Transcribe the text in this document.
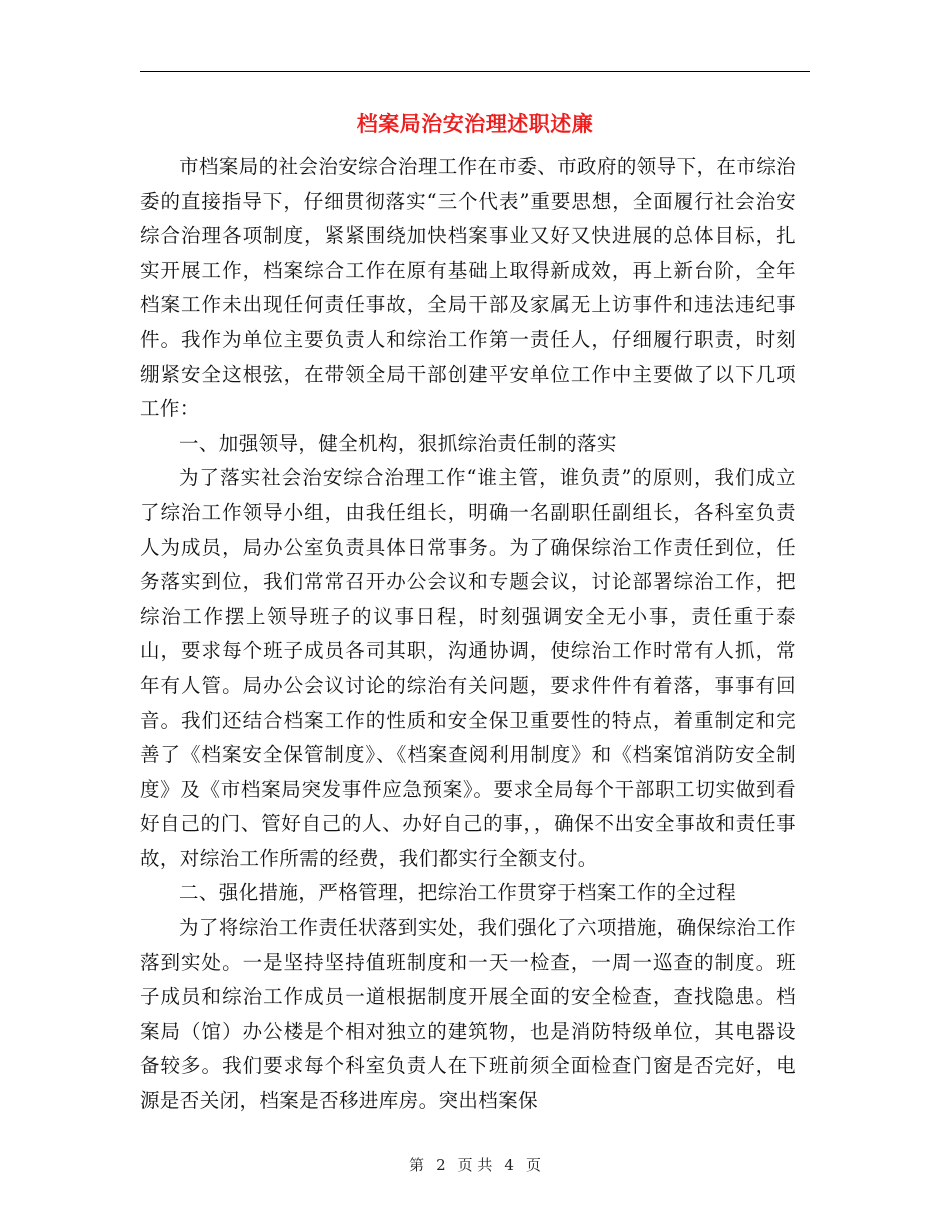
档案局治安治理述职述廉

市档案局的社会治安综合治理工作在市委、市政府的领导下，在市综治委的直接指导下，仔细贯彻落实“三个代表”重要思想，全面履行社会治安综合治理各项制度，紧紧围绕加快档案事业又好又快进展的总体目标，扎实开展工作，档案综合工作在原有基础上取得新成效，再上新台阶，全年档案工作未出现任何责任事故，全局干部及家属无上访事件和违法违纪事件。我作为单位主要负责人和综治工作第一责任人，仔细履行职责，时刻绷紧安全这根弦，在带领全局干部创建平安单位工作中主要做了以下几项工作：

一、加强领导，健全机构，狠抓综治责任制的落实

为了落实社会治安综合治理工作“谁主管，谁负责”的原则，我们成立了综治工作领导小组，由我任组长，明确一名副职任副组长，各科室负责人为成员，局办公室负责具体日常事务。为了确保综治工作责任到位，任务落实到位，我们常常召开办公会议和专题会议，讨论部署综治工作，把综治工作摆上领导班子的议事日程，时刻强调安全无小事，责任重于泰山，要求每个班子成员各司其职，沟通协调，使综治工作时常有人抓，常年有人管。局办公会议讨论的综治有关问题，要求件件有着落，事事有回音。我们还结合档案工作的性质和安全保卫重要性的特点，着重制定和完善了《档案安全保管制度》、《档案查阅利用制度》和《档案馆消防安全制度》及《市档案局突发事件应急预案》。要求全局每个干部职工切实做到看好自己的门、管好自己的人、办好自己的事，，确保不出安全事故和责任事故，对综治工作所需的经费，我们都实行全额支付。

二、强化措施，严格管理，把综治工作贯穿于档案工作的全过程

为了将综治工作责任状落到实处，我们强化了六项措施，确保综治工作落到实处。一是坚持坚持值班制度和一天一检查，一周一巡查的制度。班子成员和综治工作成员一道根据制度开展全面的安全检查，查找隐患。档案局（馆）办公楼是个相对独立的建筑物，也是消防特级单位，其电器设备较多。我们要求每个科室负责人在下班前须全面检查门窗是否完好，电源是否关闭，档案是否移进库房。突出档案保

第 2 页 共 4 页
